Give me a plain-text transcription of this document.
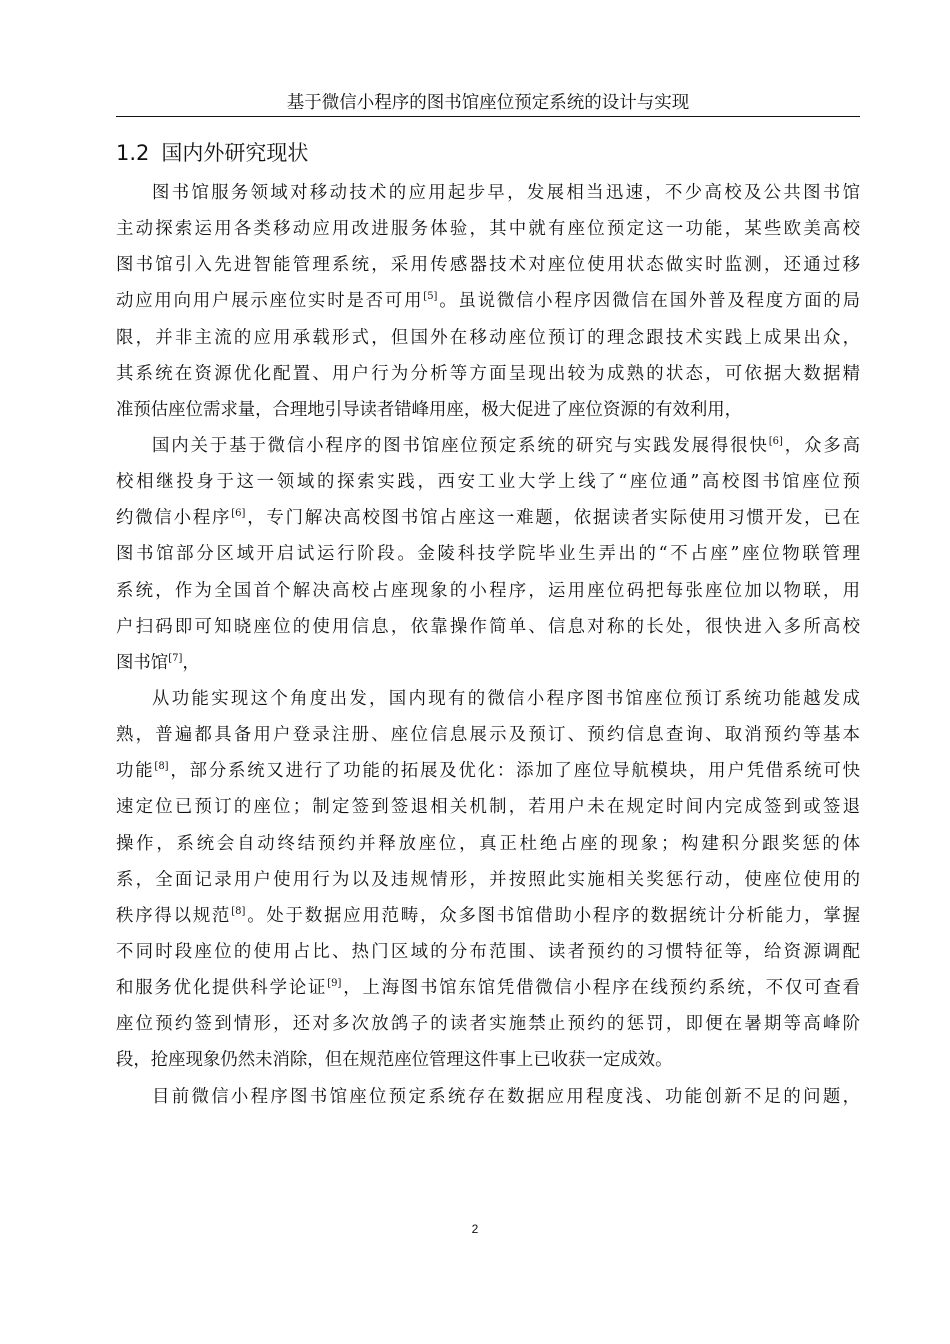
基于微信小程序的图书馆座位预定系统的设计与实现
1.2 国内外研究现状
图书馆服务领域对移动技术的应用起步早，发展相当迅速，不少高校及公共图书馆
主动探索运用各类移动应用改进服务体验，其中就有座位预定这一功能，某些欧美高校
图书馆引入先进智能管理系统，采用传感器技术对座位使用状态做实时监测，还通过移
动应用向用户展示座位实时是否可用[5]。虽说微信小程序因微信在国外普及程度方面的局
限，并非主流的应用承载形式，但国外在移动座位预订的理念跟技术实践上成果出众，
其系统在资源优化配置、用户行为分析等方面呈现出较为成熟的状态，可依据大数据精
准预估座位需求量，合理地引导读者错峰用座，极大促进了座位资源的有效利用，
国内关于基于微信小程序的图书馆座位预定系统的研究与实践发展得很快[6]，众多高
校相继投身于这一领域的探索实践，西安工业大学上线了“座位通”高校图书馆座位预
约微信小程序[6]，专门解决高校图书馆占座这一难题，依据读者实际使用习惯开发，已在
图书馆部分区域开启试运行阶段。金陵科技学院毕业生弄出的“不占座”座位物联管理
系统，作为全国首个解决高校占座现象的小程序，运用座位码把每张座位加以物联，用
户扫码即可知晓座位的使用信息，依靠操作简单、信息对称的长处，很快进入多所高校
图书馆[7]，
从功能实现这个角度出发，国内现有的微信小程序图书馆座位预订系统功能越发成
熟，普遍都具备用户登录注册、座位信息展示及预订、预约信息查询、取消预约等基本
功能[8]，部分系统又进行了功能的拓展及优化：添加了座位导航模块，用户凭借系统可快
速定位已预订的座位；制定签到签退相关机制，若用户未在规定时间内完成签到或签退
操作，系统会自动终结预约并释放座位，真正杜绝占座的现象；构建积分跟奖惩的体
系，全面记录用户使用行为以及违规情形，并按照此实施相关奖惩行动，使座位使用的
秩序得以规范[8]。处于数据应用范畴，众多图书馆借助小程序的数据统计分析能力，掌握
不同时段座位的使用占比、热门区域的分布范围、读者预约的习惯特征等，给资源调配
和服务优化提供科学论证[9]，上海图书馆东馆凭借微信小程序在线预约系统，不仅可查看
座位预约签到情形，还对多次放鸽子的读者实施禁止预约的惩罚，即便在暑期等高峰阶
段，抢座现象仍然未消除，但在规范座位管理这件事上已收获一定成效。
目前微信小程序图书馆座位预定系统存在数据应用程度浅、功能创新不足的问题，
2
